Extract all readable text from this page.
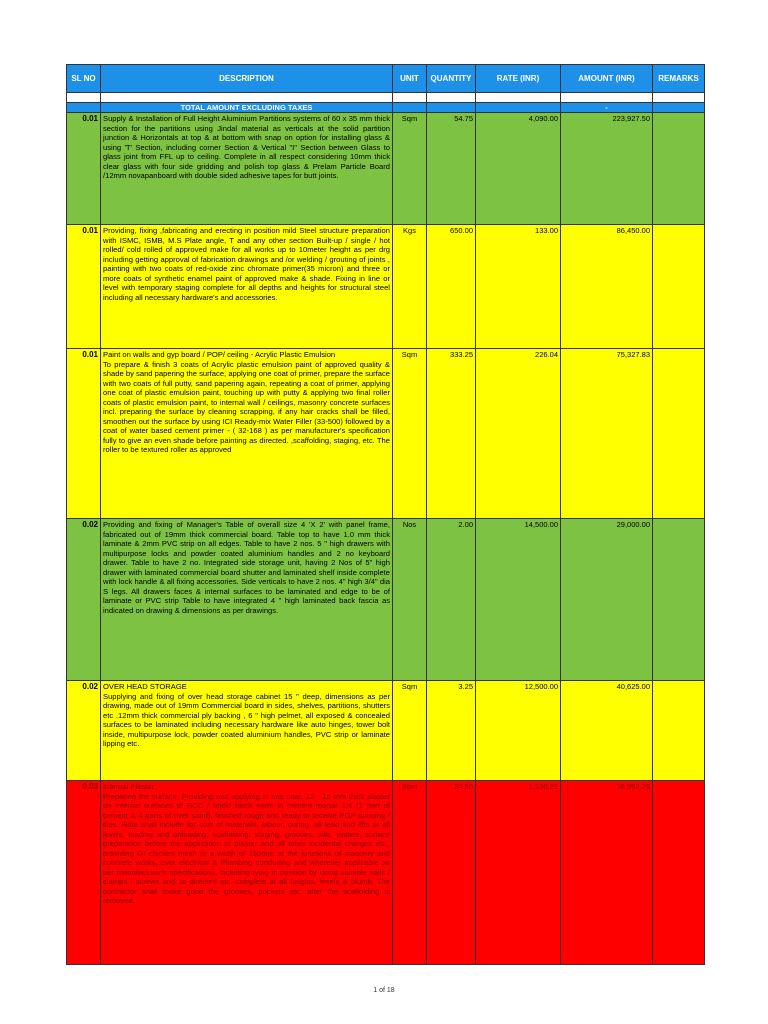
SL NO	DESCRIPTION	UNIT	QUANTITY	RATE (INR)	AMOUNT (INR)	REMARKS

	TOTAL AMOUNT EXCLUDING TAXES				-	
0.01	Supply & Installation of Full Height Aluminium Partitions systems of 60 x 35 mm thick section for the partitions using Jindal material as verticals at the solid partition junction & Horizontals at top & at bottom with snap on option for installing glass & using 'T' Section, including corner Section & Vertical "I" Section between Glass to glass joint from FFL up to ceiling. Complete in all respect considering 10mm thick clear glass with four side gridding and polish top glass & Prelam Particle Board /12mm novapanboard with double sided adhesive tapes for butt joints.	Sqm	54.75	4,090.00	223,927.50	
0.01	Providing, fixing ,fabricating and erecting in position mild Steel structure preparation with ISMC, ISMB, M.S Plate angle, T and any other section Built-up / single / hot rolled/ cold rolled of approved make for all works up to 10meter height as per drg including getting approval of fabrication drawings and /or welding / grouting of joints , painting with two coats of red-oxide zinc chromate primer(35 micron) and three or more coats of synthetic enamel paint of approved make & shade. Fixing in line or level with temporary staging complete for all depths and heights for structural steel including all necessary hardware's and accessories.	Kgs	650.00	133.00	86,450.00	
0.01	Paint on walls and gyp board / POP/ ceiling - Acrylic Plastic Emulsion
To prepare & finish 3 coats of Acrylic plastic emulsion paint of approved quality & shade by sand papering the surface, applying one coat of primer, prepare the surface with two coats of full putty, sand papering again, repeating a coat of primer, applying one coat of plastic emulsion paint, touching up with putty & applying two final roller coats of plastic emulsion paint, to internal wall / ceilings, masonry concrete surfaces incl. preparing the surface by cleaning scrapping, if any hair cracks shall be filled, smoothen out the surface by using ICI Ready-mix Water Filler (33-500) followed by a coat of water based cement primer - ( 32-168 ) as per manufacturer's specification fully to give an even shade before painting as directed. ,scaffolding, staging, etc. The roller to be textured roller as approved	Sqm	333.25	226.04	75,327.83	
0.02	Providing and fixing of Manager's Table of overall size 4 'X 2' with panel frame, fabricated out of 19mm thick commercial board. Table top to have 1.0 mm thick laminate & 2mm PVC strip on all edges. Table to have 2 nos. 5 " high drawers with multipurpose locks and powder coated aluminium handles and 2 no keyboard drawer. Table to have 2 no. Integrated side storage unit, having 2 Nos of 5" high drawer with laminated commercial board shutter and laminated shelf inside complete with lock handle & all fixing accessories. Side verticals to have 2 nos. 4" high 3/4" dia S legs. All drawers faces & internal surfaces to be laminated and edge to be of laminate or PVC strip Table to have integrated 4 " high laminated back fascia as indicated on drawing & dimensions as per drawings.	Nos	2.00	14,500.00	29,000.00	
0.02	OVER HEAD STORAGE
Supplying and fixing of over head storage cabinet 15 " deep, dimensions as per drawing, made out of 19mm Commercial board in sides, shelves, partitions, shutters etc .12mm thick commercial ply backing , 6 " high pelmet, all exposed & concealed surfaces to be laminated including necessary hardware like auto hinges, tower bolt inside, multipurpose lock, powder coated aluminium handles, PVC strip or laminate lipping etc.	Sqm	3.25	12,500.00	40,625.00	
0.03	Internal Plaster
Preparing the surface, Providing and applying in one coat, 12 - 15 mm thick plaster on internal surfaces of RCC / brick/ block walls in cement mortar 1:4 (1 part of cement & 4 parts of river sand), finished rough and ready to receive POP punning / tiles. Rate shall include for cost of materials, labour, curing, all lead and lifts at all levels, loading and unloading, scaffolding, staging, grooves, sills, patties, surface preparation before the application of plaster and all other incidental charges etc., providing GI chicken mesh to a width of 150mm at the junctions of masonry and concrete works, over electrical & Plumbing conduiting and wherever applicable as per manufacturer's specifications, including tying in position by using suitable nails / clamps / screws and as directed etc. complete at all heights, levels & plumb. The contractor shall make good the grooves, pockets etc. after the scaffolding is removed.	Sqm	34.50	1,130.21	38,992.25	
1 of 18
